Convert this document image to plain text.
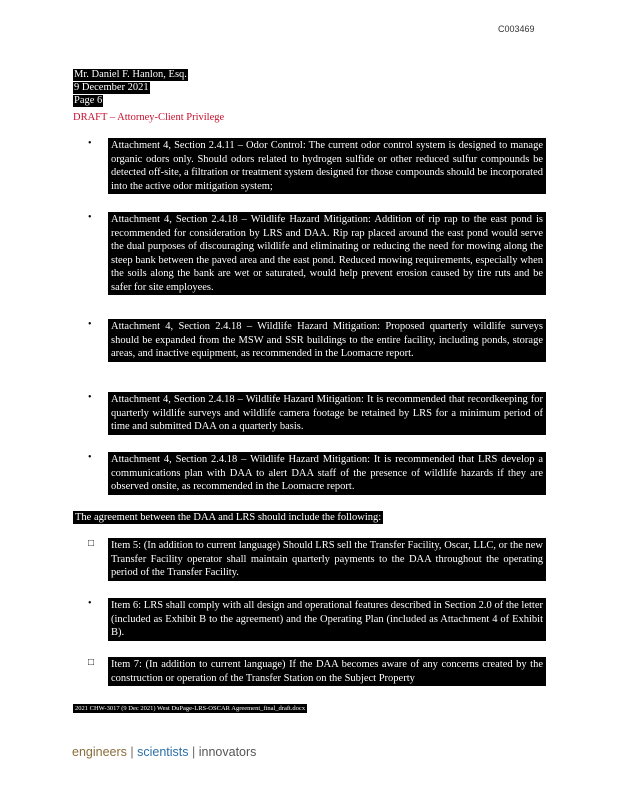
C003469
Mr. Daniel F. Hanlon, Esq.
9 December 2021
Page 6
DRAFT – Attorney-Client Privilege
•	Attachment 4, Section 2.4.11 – Odor Control: The current odor control system is designed to manage organic odors only. Should odors related to hydrogen sulfide or other reduced sulfur compounds be detected off-site, a filtration or treatment system designed for those compounds should be incorporated into the active odor mitigation system;
•	Attachment 4, Section 2.4.18 – Wildlife Hazard Mitigation: Addition of rip rap to the east pond is recommended for consideration by LRS and DAA. Rip rap placed around the east pond would serve the dual purposes of discouraging wildlife and eliminating or reducing the need for mowing along the steep bank between the paved area and the east pond. Reduced mowing requirements, especially when the soils along the bank are wet or saturated, would help prevent erosion caused by tire ruts and be safer for site employees.
•	Attachment 4, Section 2.4.18 – Wildlife Hazard Mitigation: Proposed quarterly wildlife surveys should be expanded from the MSW and SSR buildings to the entire facility, including ponds, storage areas, and inactive equipment, as recommended in the Loomacre report.
•	Attachment 4, Section 2.4.18 – Wildlife Hazard Mitigation: It is recommended that recordkeeping for quarterly wildlife surveys and wildlife camera footage be retained by LRS for a minimum period of time and submitted DAA on a quarterly basis.
•	Attachment 4, Section 2.4.18 – Wildlife Hazard Mitigation: It is recommended that LRS develop a communications plan with DAA to alert DAA staff of the presence of wildlife hazards if they are observed onsite, as recommended in the Loomacre report.
The agreement between the DAA and LRS should include the following:
□	Item 5: (In addition to current language) Should LRS sell the Transfer Facility, Oscar, LLC, or the new Transfer Facility operator shall maintain quarterly payments to the DAA throughout the operating period of the Transfer Facility.
•	Item 6: LRS shall comply with all design and operational features described in Section 2.0 of the letter (included as Exhibit B to the agreement) and the Operating Plan (included as Attachment 4 of Exhibit B).
□	Item 7: (In addition to current language) If the DAA becomes aware of any concerns created by the construction or operation of the Transfer Station on the Subject Property
2021 CHW-3017 (9 Dec 2021) West DuPage-LRS-OSCAR Agreement_final_draft.docx
engineers | scientists | innovators
